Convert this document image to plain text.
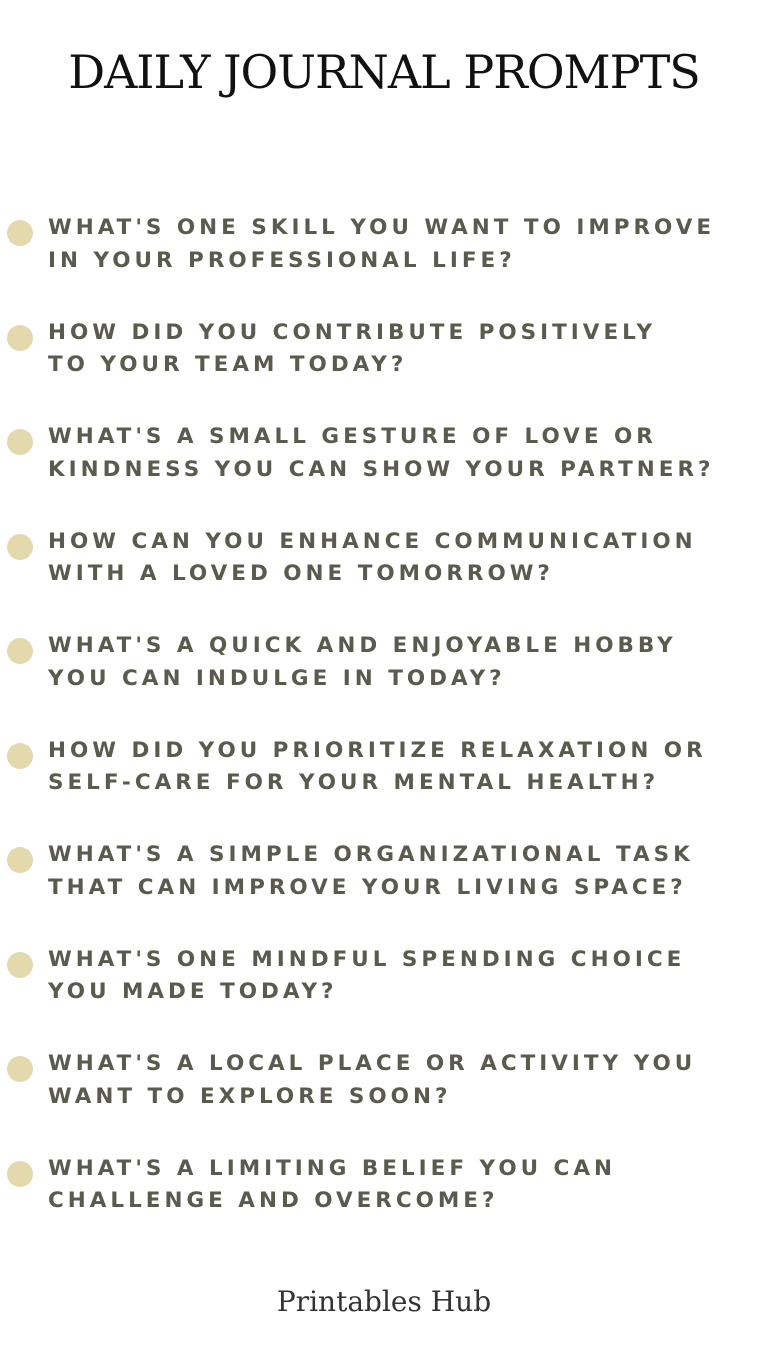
DAILY JOURNAL PROMPTS

WHAT'S ONE SKILL YOU WANT TO IMPROVE
IN YOUR PROFESSIONAL LIFE?

HOW DID YOU CONTRIBUTE POSITIVELY
TO YOUR TEAM TODAY?

WHAT'S A SMALL GESTURE OF LOVE OR
KINDNESS YOU CAN SHOW YOUR PARTNER?

HOW CAN YOU ENHANCE COMMUNICATION
WITH A LOVED ONE TOMORROW?

WHAT'S A QUICK AND ENJOYABLE HOBBY
YOU CAN INDULGE IN TODAY?

HOW DID YOU PRIORITIZE RELAXATION OR
SELF-CARE FOR YOUR MENTAL HEALTH?

WHAT'S A SIMPLE ORGANIZATIONAL TASK
THAT CAN IMPROVE YOUR LIVING SPACE?

WHAT'S ONE MINDFUL SPENDING CHOICE
YOU MADE TODAY?

WHAT'S A LOCAL PLACE OR ACTIVITY YOU
WANT TO EXPLORE SOON?

WHAT'S A LIMITING BELIEF YOU CAN
CHALLENGE AND OVERCOME?

Printables Hub
